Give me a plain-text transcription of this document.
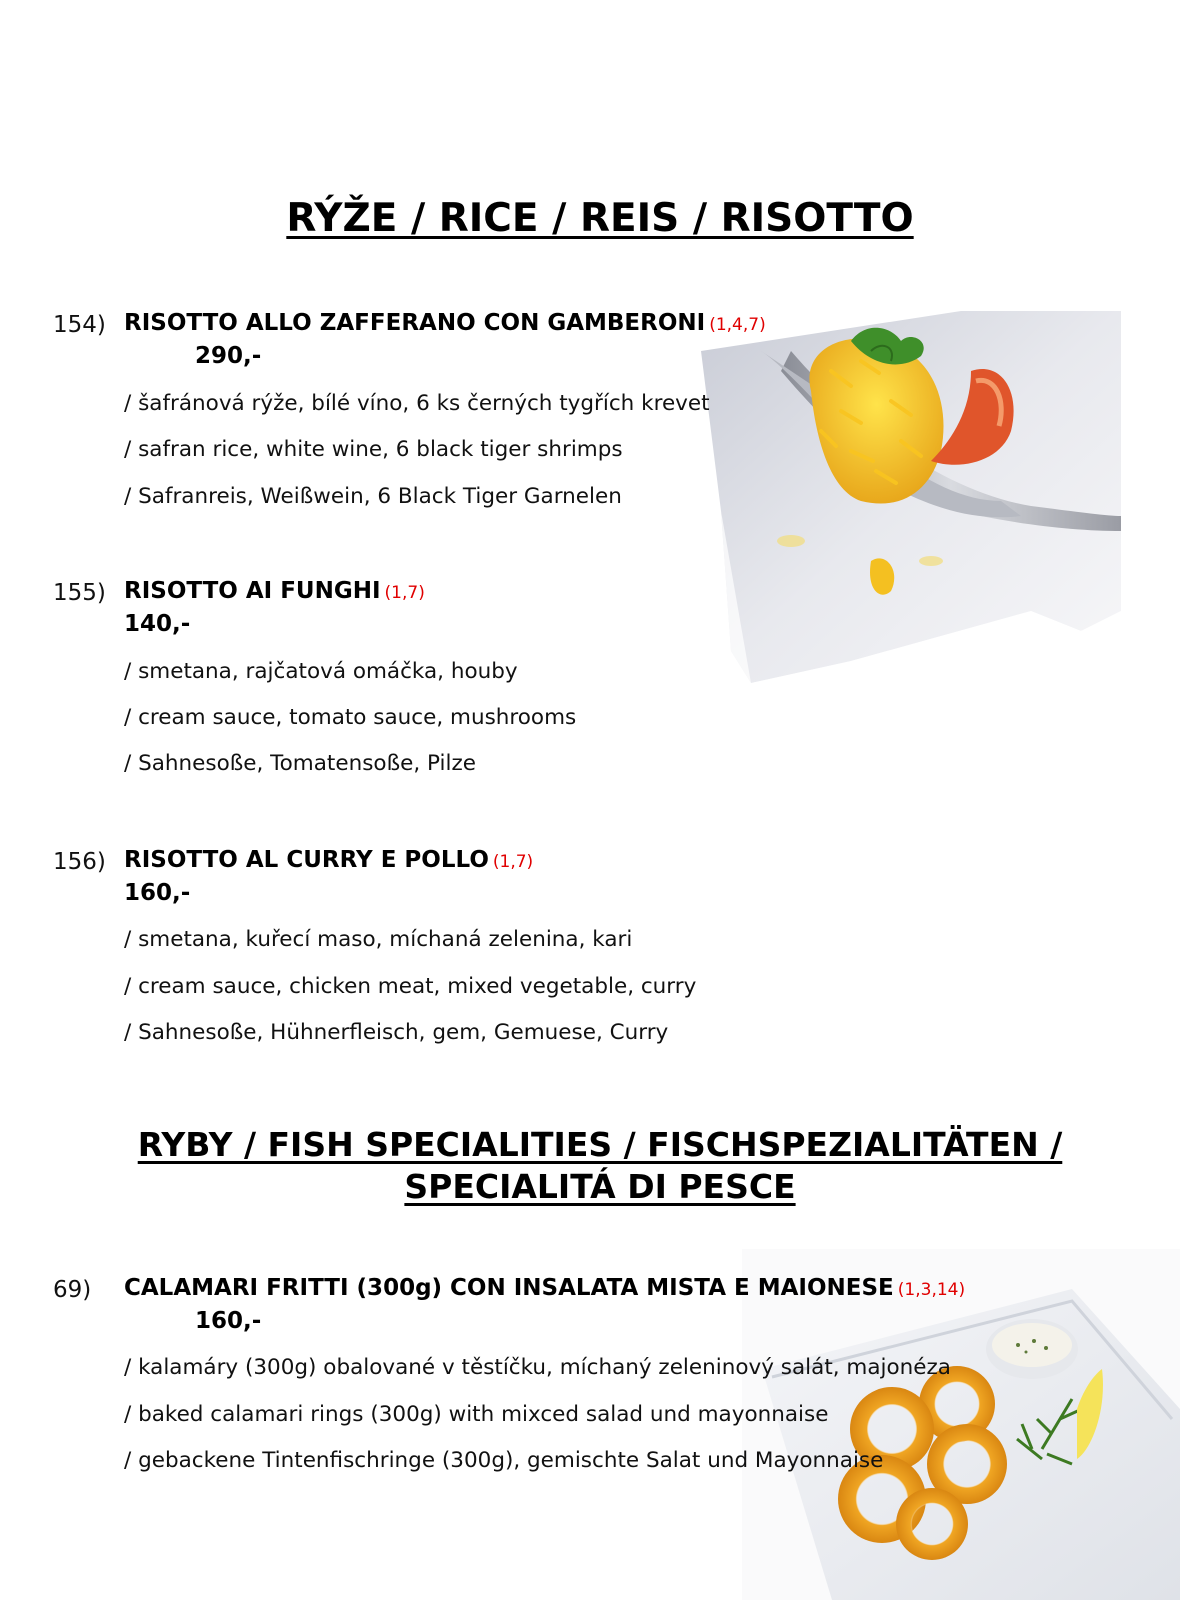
RÝŽE / RICE / REIS / RISOTTO
154) RISOTTO ALLO ZAFFERANO CON GAMBERONI (1,4,7)
290,-
/ šafránová rýže, bílé víno, 6 ks černých tygřích krevet
/ safran rice, white wine, 6 black tiger shrimps
/ Safranreis, Weißwein, 6 Black Tiger Garnelen
155) RISOTTO AI FUNGHI (1,7)
140,-
/ smetana, rajčatová omáčka, houby
/ cream sauce, tomato sauce, mushrooms
/ Sahnesoße, Tomatensoße, Pilze
156) RISOTTO AL CURRY E POLLO (1,7)
160,-
/ smetana, kuřecí maso, míchaná zelenina, kari
/ cream sauce, chicken meat, mixed vegetable, curry
/ Sahnesoße, Hühnerfleisch, gem, Gemuese, Curry
RYBY / FISH SPECIALITIES / FISCHSPEZIALITÄTEN /
SPECIALITÁ DI PESCE
69) CALAMARI FRITTI (300g) CON INSALATA MISTA E MAIONESE (1,3,14)
160,-
/ kalamáry (300g) obalované v těstíčku, míchaný zeleninový salát, majonéza
/ baked calamari rings (300g) with mixced salad und mayonnaise
/ gebackene Tintenfischringe (300g), gemischte Salat und Mayonnaise
